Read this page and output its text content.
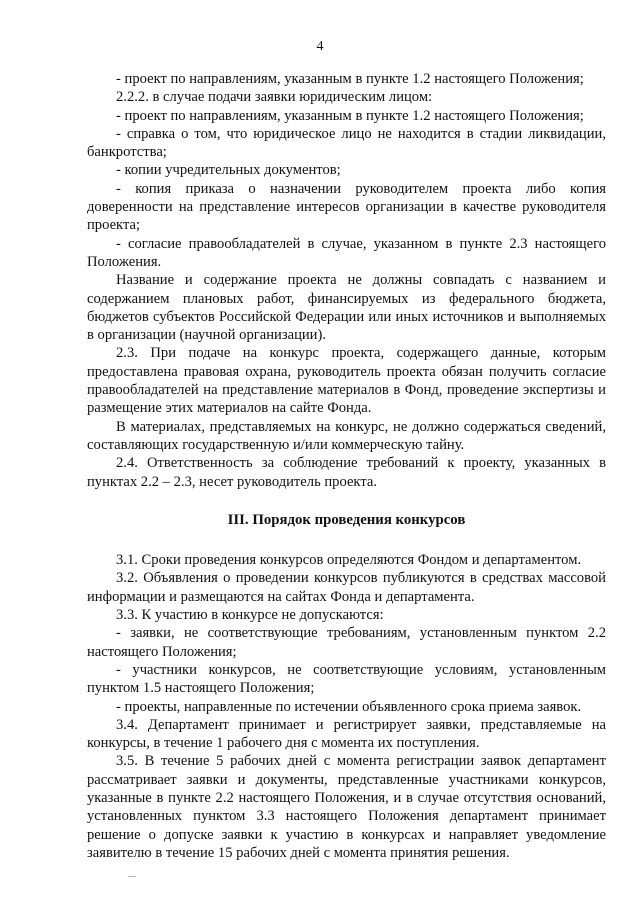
4

- проект по направлениям, указанным в пункте 1.2 настоящего Положения;

2.2.2. в случае подачи заявки юридическим лицом:

- проект по направлениям, указанным в пункте 1.2 настоящего Положения;

- справка о том, что юридическое лицо не находится в стадии ликвидации, банкротства;

- копии учредительных документов;

- копия приказа о назначении руководителем проекта либо копия доверенности на представление интересов организации в качестве руководителя проекта;

- согласие правообладателей в случае, указанном в пункте 2.3 настоящего Положения.

Название и содержание проекта не должны совпадать с названием и содержанием плановых работ, финансируемых из федерального бюджета, бюджетов субъектов Российской Федерации или иных источников и выполняемых в организации (научной организации).

2.3. При подаче на конкурс проекта, содержащего данные, которым предоставлена правовая охрана, руководитель проекта обязан получить согласие правообладателей на представление материалов в Фонд, проведение экспертизы и размещение этих материалов на сайте Фонда.

В материалах, представляемых на конкурс, не должно содержаться сведений, составляющих государственную и/или коммерческую тайну.

2.4. Ответственность за соблюдение требований к проекту, указанных в пунктах 2.2 – 2.3, несет руководитель проекта.

III. Порядок проведения конкурсов

3.1. Сроки проведения конкурсов определяются Фондом и департаментом.

3.2. Объявления о проведении конкурсов публикуются в средствах массовой информации и размещаются на сайтах Фонда и департамента.

3.3. К участию в конкурсе не допускаются:

- заявки, не соответствующие требованиям, установленным пунктом 2.2 настоящего Положения;

- участники конкурсов, не соответствующие условиям, установленным пунктом 1.5 настоящего Положения;

- проекты, направленные по истечении объявленного срока приема заявок.

3.4. Департамент принимает и регистрирует заявки, представляемые на конкурсы, в течение 1 рабочего дня с момента их поступления.

3.5. В течение 5 рабочих дней с момента регистрации заявок департамент рассматривает заявки и документы, представленные участниками конкурсов, указанные в пункте 2.2 настоящего Положения, и в случае отсутствия оснований, установленных пунктом 3.3 настоящего Положения департамент принимает решение о допуске заявки к участию в конкурсах и направляет уведомление заявителю в течение 15 рабочих дней с момента принятия решения.
